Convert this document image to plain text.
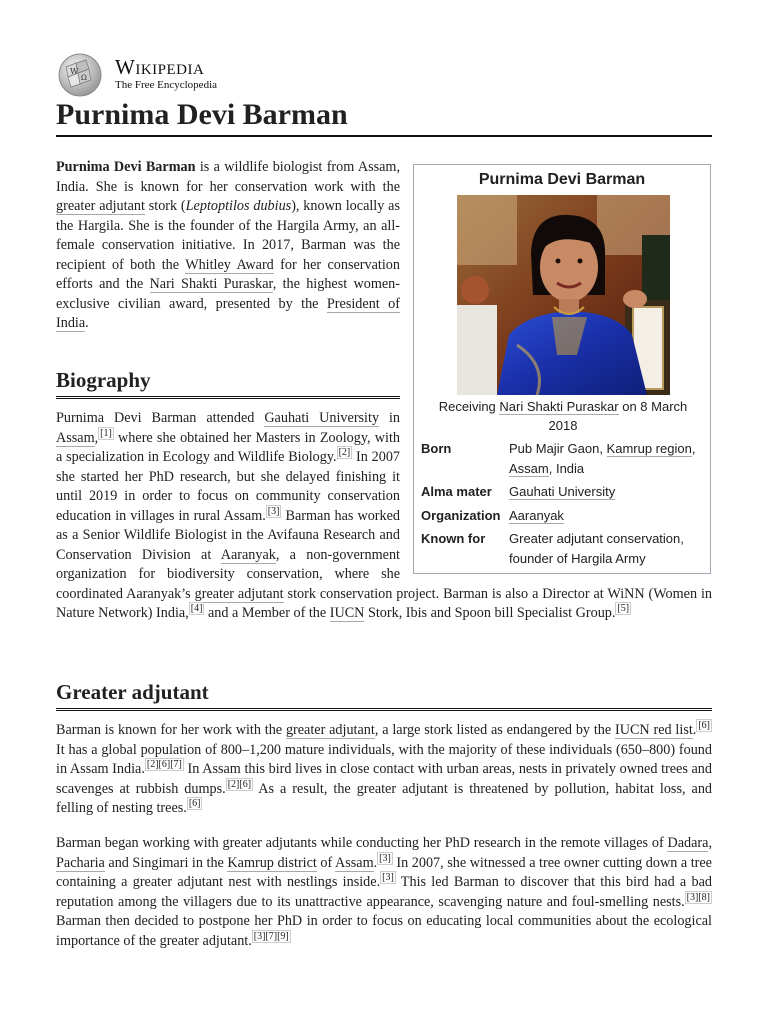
W
Ω Wikipedia
The Free Encyclopedia
Purnima Devi Barman

Purnima Devi Barman is a wildlife biologist from Assam, India. She is known for her conservation work with the greater adjutant stork (Leptoptilos dubius), known locally as the Hargila. She is the founder of the Hargila Army, an all-female conservation initiative. In 2017, Barman was the recipient of both the Whitley Award for her conservation efforts and the Nari Shakti Puraskar, the highest women-exclusive civilian award, presented by the President of India.

Biography

Purnima Devi Barman attended Gauhati University in Assam, [1] where she obtained her Masters in Zoology, with a specialization in Ecology and Wildlife Biology. [2] In 2007 she started her PhD research, but she delayed finishing it until 2019 in order to focus on community conservation education in villages in rural Assam. [3] Barman has worked as a Senior Wildlife Biologist in the Avifauna Research and Conservation Division at Aaranyak, a non-government organization for biodiversity conservation, where she coordinated Aaranyak’s greater adjutant stork conservation project. Barman is also a Director at WiNN (Women in Nature Network) India, [4] and a Member of the IUCN Stork, Ibis and Spoon bill Specialist Group. [5]

Greater adjutant

Barman is known for her work with the greater adjutant, a large stork listed as endangered by the IUCN red list. [6] It has a global population of 800–1,200 mature individuals, with the majority of these individuals (650–800) found in Assam India. [2][6][7] In Assam this bird lives in close contact with urban areas, nests in privately owned trees and scavenges at rubbish dumps. [2][6] As a result, the greater adjutant is threatened by pollution, habitat loss, and felling of nesting trees. [6]

Barman began working with greater adjutants while conducting her PhD research in the remote villages of Dadara, Pacharia and Singimari in the Kamrup district of Assam. [3] In 2007, she witnessed a tree owner cutting down a tree containing a greater adjutant nest with nestlings inside. [3] This led Barman to discover that this bird had a bad reputation among the villagers due to its unattractive appearance, scavenging nature and foul-smelling nests. [3][8] Barman then decided to postpone her PhD in order to focus on educating local communities about the ecological importance of the greater adjutant. [3][7][9]

Purnima Devi Barman
Receiving Nari Shakti Puraskar on 8 March 2018
Born	Pub Majir Gaon, Kamrup region, Assam, India
Alma mater	Gauhati University
Organization Aaranyak
Known for	Greater adjutant conservation, founder of Hargila Army
